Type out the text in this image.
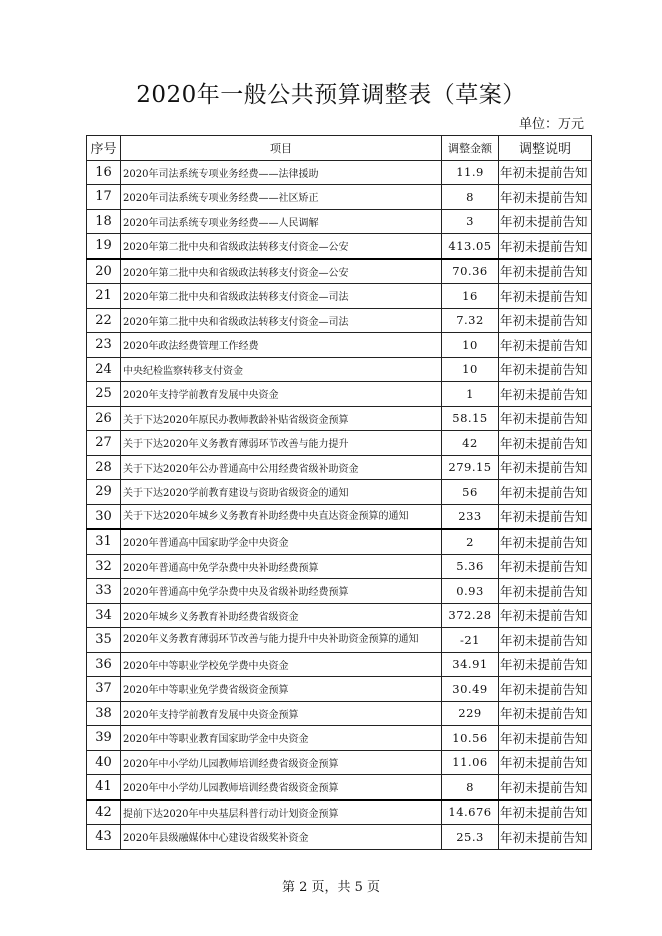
2020年一般公共预算调整表（草案）
单位：万元
序号	项目	调整金额	调整说明
16	2020年司法系统专项业务经费——法律援助	11.9	年初未提前告知
17	2020年司法系统专项业务经费——社区矫正	8	年初未提前告知
18	2020年司法系统专项业务经费——人民调解	3	年初未提前告知
19	2020年第二批中央和省级政法转移支付资金—公安	413.05	年初未提前告知
20	2020年第二批中央和省级政法转移支付资金—公安	70.36	年初未提前告知
21	2020年第二批中央和省级政法转移支付资金—司法	16	年初未提前告知
22	2020年第二批中央和省级政法转移支付资金—司法	7.32	年初未提前告知
23	2020年政法经费管理工作经费	10	年初未提前告知
24	中央纪检监察转移支付资金	10	年初未提前告知
25	2020年支持学前教育发展中央资金	1	年初未提前告知
26	关于下达2020年原民办教师教龄补贴省级资金预算	58.15	年初未提前告知
27	关于下达2020年义务教育薄弱环节改善与能力提升	42	年初未提前告知
28	关于下达2020年公办普通高中公用经费省级补助资金	279.15	年初未提前告知
29	关于下达2020学前教育建设与资助省级资金的通知	56	年初未提前告知
30	关于下达2020年城乡义务教育补助经费中央直达资金预算的通知	233	年初未提前告知
31	2020年普通高中国家助学金中央资金	2	年初未提前告知
32	2020年普通高中免学杂费中央补助经费预算	5.36	年初未提前告知
33	2020年普通高中免学杂费中央及省级补助经费预算	0.93	年初未提前告知
34	2020年城乡义务教育补助经费省级资金	372.28	年初未提前告知
35	2020年义务教育薄弱环节改善与能力提升中央补助资金预算的通知	-21	年初未提前告知
36	2020年中等职业学校免学费中央资金	34.91	年初未提前告知
37	2020年中等职业免学费省级资金预算	30.49	年初未提前告知
38	2020年支持学前教育发展中央资金预算	229	年初未提前告知
39	2020年中等职业教育国家助学金中央资金	10.56	年初未提前告知
40	2020年中小学幼儿园教师培训经费省级资金预算	11.06	年初未提前告知
41	2020年中小学幼儿园教师培训经费省级资金预算	8	年初未提前告知
42	提前下达2020年中央基层科普行动计划资金预算	14.676	年初未提前告知
43	2020年县级融媒体中心建设省级奖补资金	25.3	年初未提前告知
第 2 页，共 5 页
